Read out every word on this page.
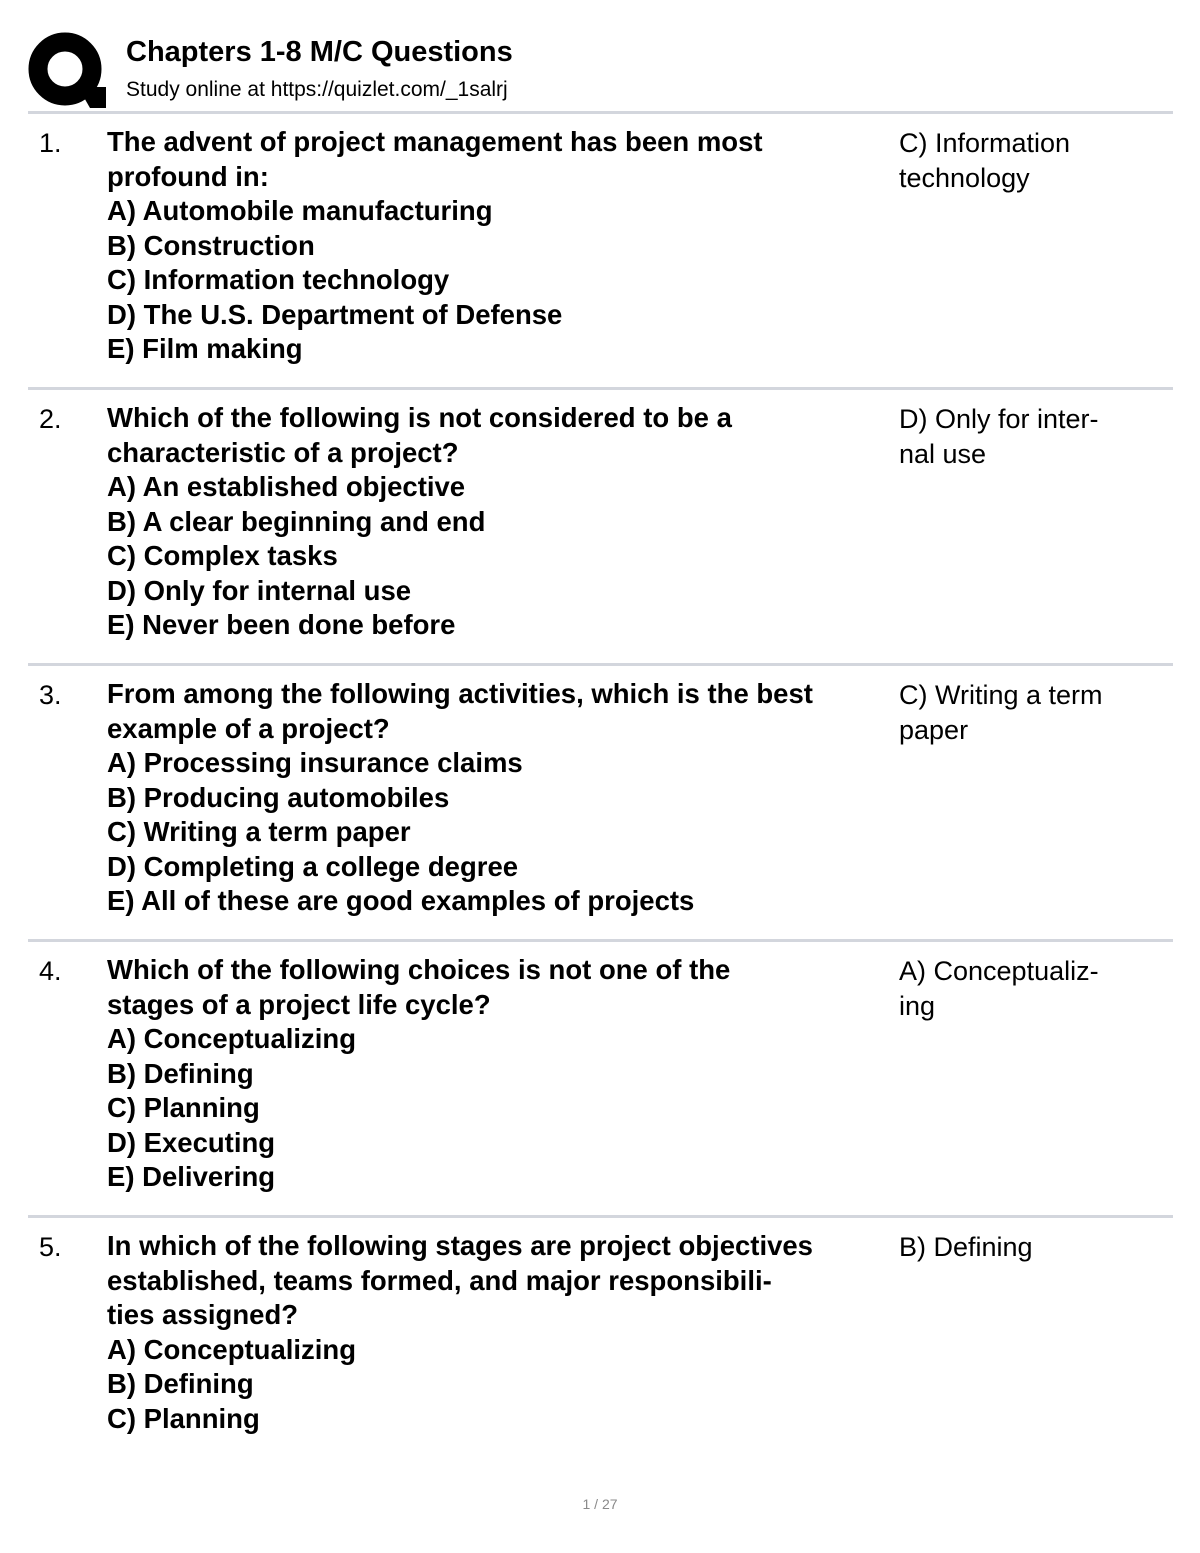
Chapters 1-8 M/C Questions
Study online at https://quizlet.com/_1salrj
1. The advent of project management has been most
profound in:
A) Automobile manufacturing
B) Construction
C) Information technology
D) The U.S. Department of Defense
E) Film making
C) Information
technology
2. Which of the following is not considered to be a
characteristic of a project?
A) An established objective
B) A clear beginning and end
C) Complex tasks
D) Only for internal use
E) Never been done before
D) Only for inter-
nal use
3. From among the following activities, which is the best
example of a project?
A) Processing insurance claims
B) Producing automobiles
C) Writing a term paper
D) Completing a college degree
E) All of these are good examples of projects
C) Writing a term
paper
4. Which of the following choices is not one of the
stages of a project life cycle?
A) Conceptualizing
B) Defining
C) Planning
D) Executing
E) Delivering
A) Conceptualiz-
ing
5. In which of the following stages are project objectives
established, teams formed, and major responsibili-
ties assigned?
A) Conceptualizing
B) Defining
C) Planning
B) Defining
1 / 27
